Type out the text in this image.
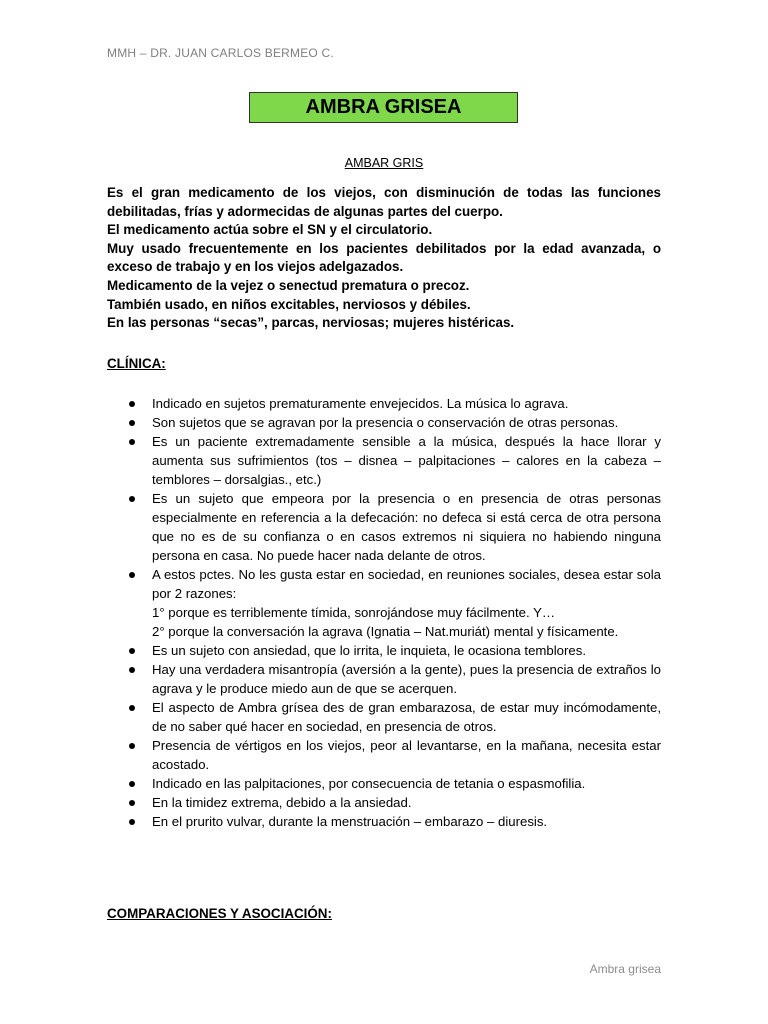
MMH – DR. JUAN CARLOS BERMEO C.
AMBRA GRISEA
AMBAR GRIS

Es el gran medicamento de los viejos, con disminución de todas las funciones debilitadas, frías y adormecidas de algunas partes del cuerpo.

El medicamento actúa sobre el SN y el circulatorio.

Muy usado frecuentemente en los pacientes debilitados por la edad avanzada, o exceso de trabajo y en los viejos adelgazados.

Medicamento de la vejez o senectud prematura o precoz.

También usado, en niños excitables, nerviosos y débiles.

En las personas “secas”, parcas, nerviosas; mujeres histéricas.

CLÍNICA:
Indicado en sujetos prematuramente envejecidos. La música lo agrava.
Son sujetos que se agravan por la presencia o conservación de otras personas.
Es un paciente extremadamente sensible a la música, después la hace llorar y aumenta sus sufrimientos (tos – disnea – palpitaciones – calores en la cabeza – temblores – dorsalgias., etc.)
Es un sujeto que empeora por la presencia o en presencia de otras personas especialmente en referencia a la defecación: no defeca si está cerca de otra persona que no es de su confianza o en casos extremos ni siquiera no habiendo ninguna persona en casa. No puede hacer nada delante de otros.
A estos pctes. No les gusta estar en sociedad, en reuniones sociales, desea estar sola por 2 razones:
1° porque es terriblemente tímida, sonrojándose muy fácilmente. Y…
2° porque la conversación la agrava (Ignatia – Nat.muriát) mental y físicamente.
Es un sujeto con ansiedad, que lo irrita, le inquieta, le ocasiona temblores.
Hay una verdadera misantropía (aversión a la gente), pues la presencia de extraños lo agrava y le produce miedo aun de que se acerquen.
El aspecto de Ambra grísea des de gran embarazosa, de estar muy incómodamente, de no saber qué hacer en sociedad, en presencia de otros.
Presencia de vértigos en los viejos, peor al levantarse, en la mañana, necesita estar acostado.
Indicado en las palpitaciones, por consecuencia de tetania o espasmofilia.
En la timidez extrema, debido a la ansiedad.
En el prurito vulvar, durante la menstruación – embarazo – diuresis.
COMPARACIONES Y ASOCIACIÓN:
Ambra grisea
